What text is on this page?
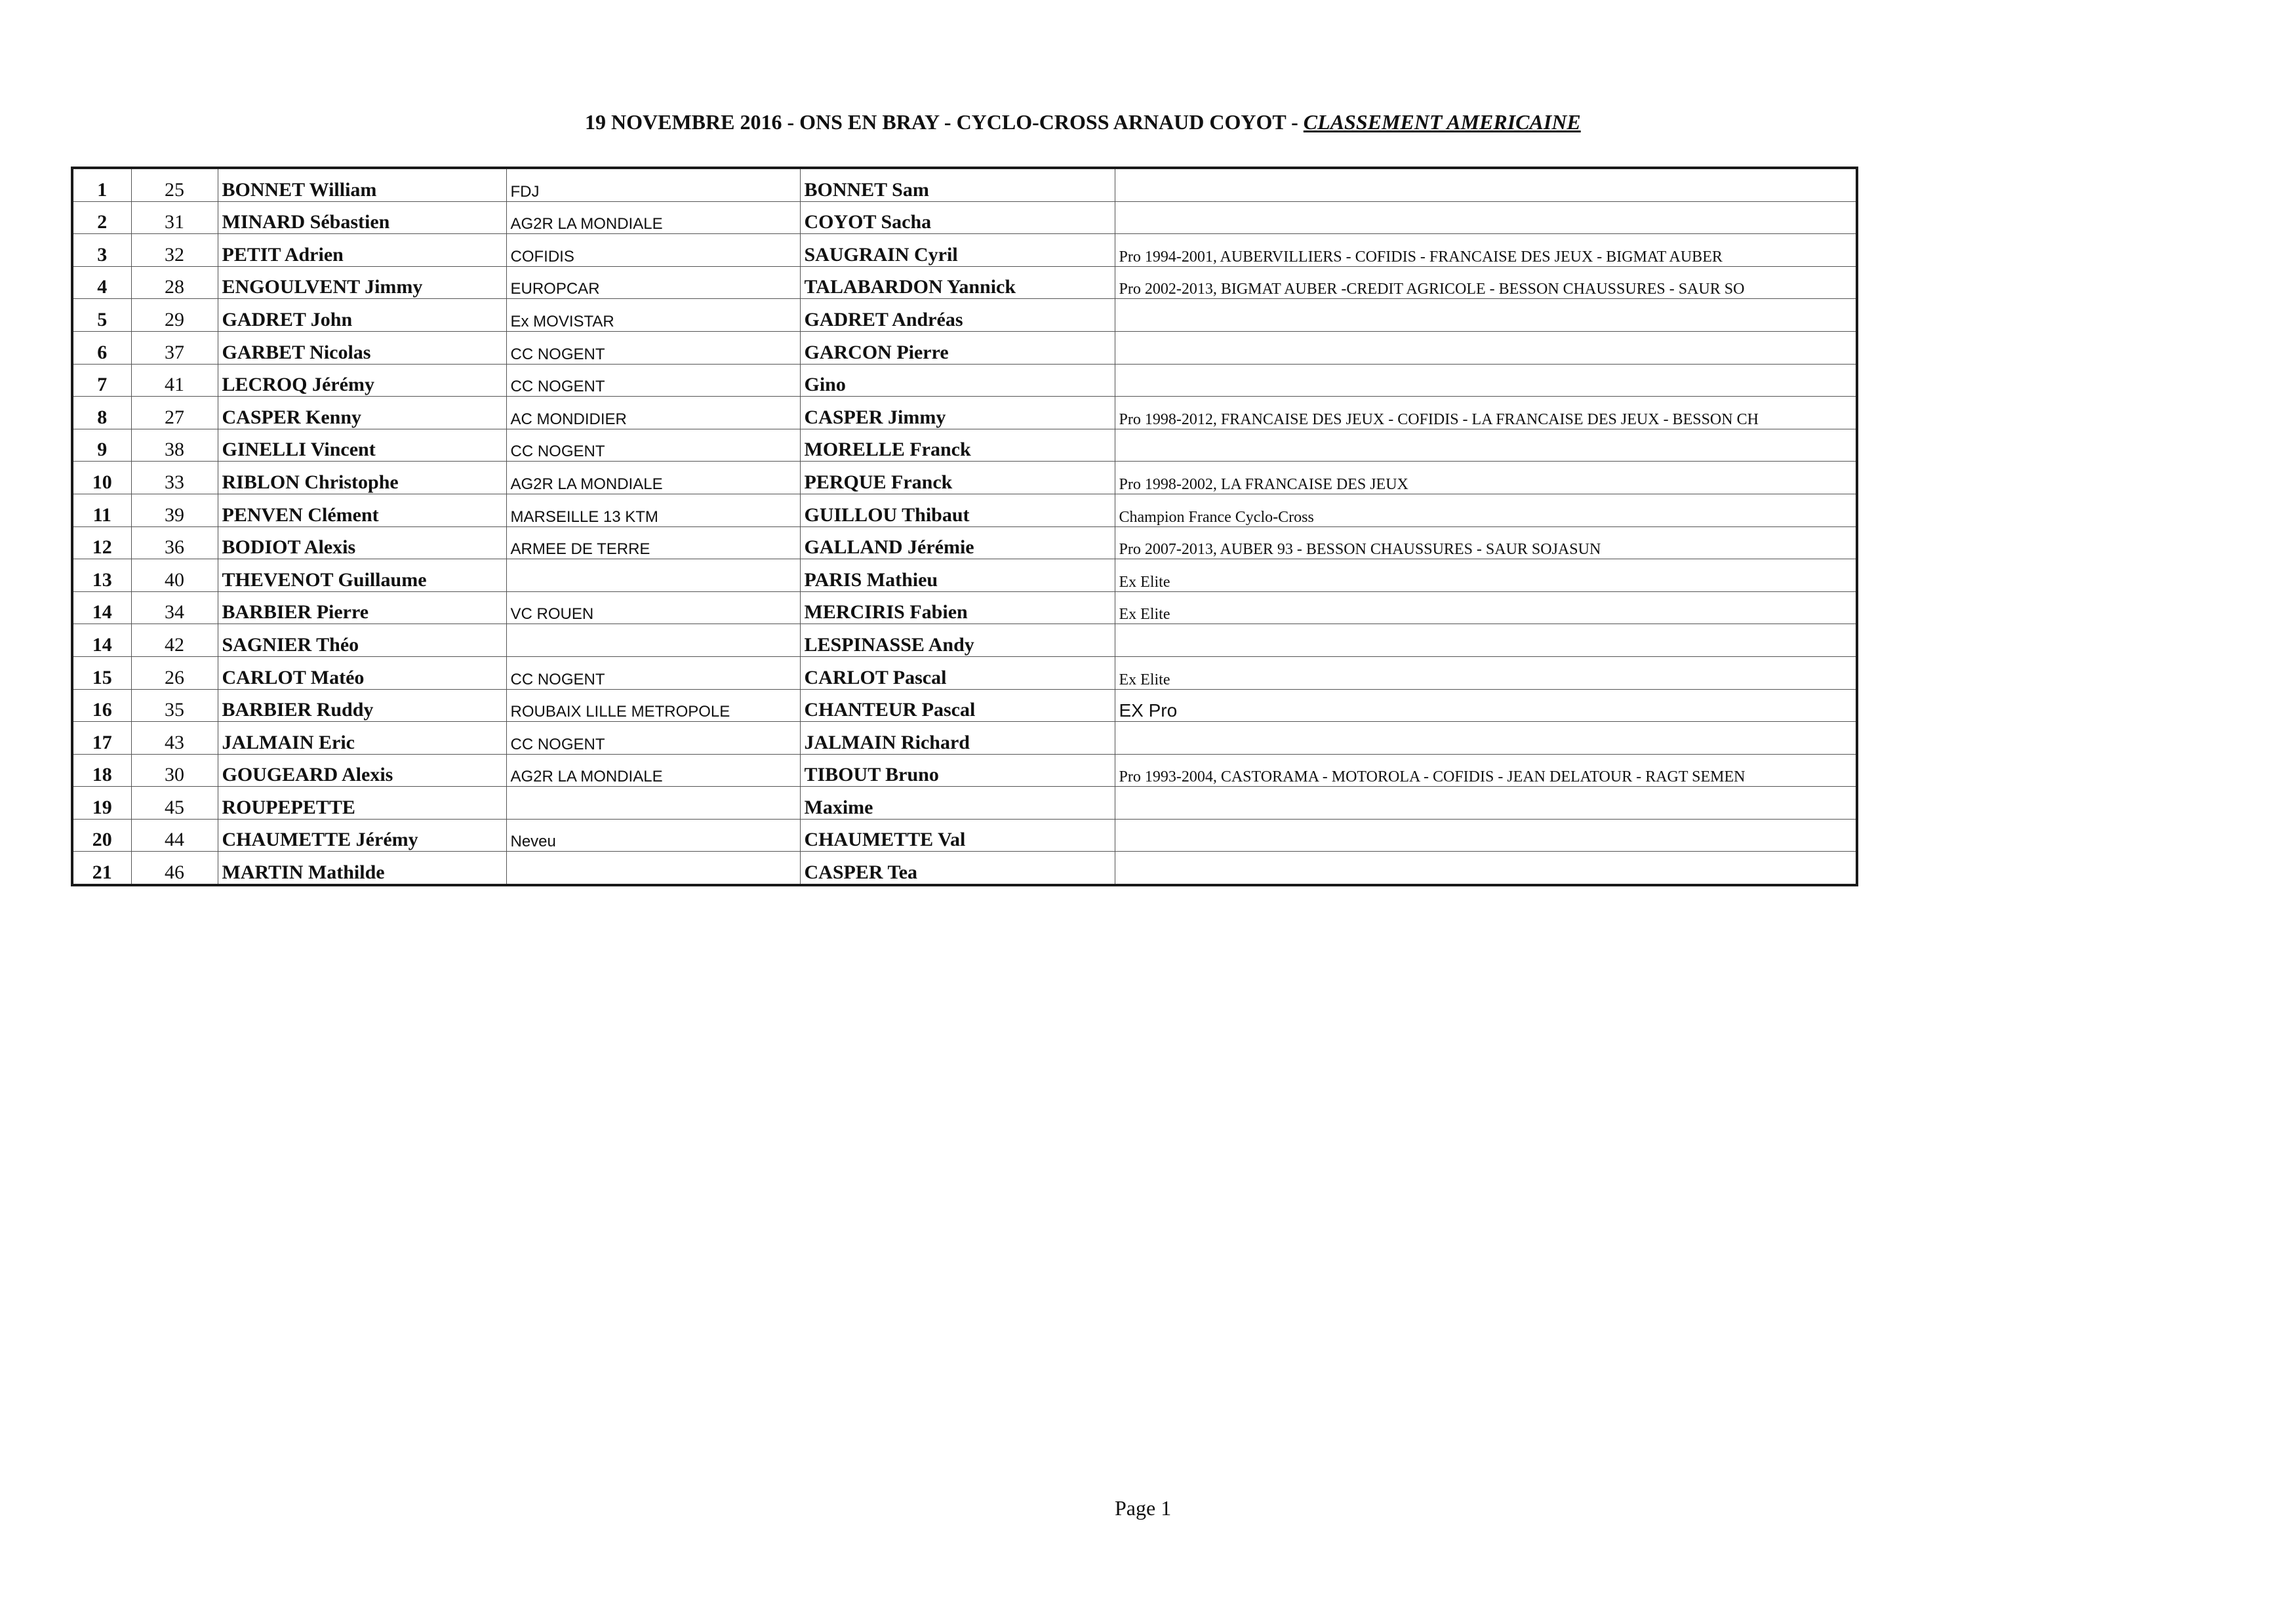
19 NOVEMBRE 2016 - ONS EN BRAY - CYCLO-CROSS ARNAUD COYOT - CLASSEMENT AMERICAINE
1	25	BONNET William	FDJ	BONNET Sam	
2	31	MINARD Sébastien	AG2R LA MONDIALE	COYOT Sacha	
3	32	PETIT Adrien	COFIDIS	SAUGRAIN Cyril	Pro 1994-2001, AUBERVILLIERS - COFIDIS - FRANCAISE DES JEUX - BIGMAT AUBER
4	28	ENGOULVENT Jimmy	EUROPCAR	TALABARDON Yannick	Pro 2002-2013, BIGMAT AUBER -CREDIT AGRICOLE - BESSON CHAUSSURES - SAUR SO
5	29	GADRET John	Ex MOVISTAR	GADRET Andréas	
6	37	GARBET Nicolas	CC NOGENT	GARCON Pierre	
7	41	LECROQ Jérémy	CC NOGENT	Gino	
8	27	CASPER Kenny	AC MONDIDIER	CASPER Jimmy	Pro 1998-2012, FRANCAISE DES JEUX - COFIDIS - LA FRANCAISE DES JEUX - BESSON CH
9	38	GINELLI Vincent	CC NOGENT	MORELLE Franck	
10	33	RIBLON Christophe	AG2R LA MONDIALE	PERQUE Franck	Pro 1998-2002, LA FRANCAISE DES JEUX
11	39	PENVEN Clément	MARSEILLE 13 KTM	GUILLOU Thibaut	Champion France Cyclo-Cross
12	36	BODIOT Alexis	ARMEE DE TERRE	GALLAND Jérémie	Pro 2007-2013, AUBER 93 - BESSON CHAUSSURES - SAUR SOJASUN
13	40	THEVENOT Guillaume		PARIS Mathieu	Ex Elite
14	34	BARBIER Pierre	VC ROUEN	MERCIRIS Fabien	Ex Elite
14	42	SAGNIER Théo		LESPINASSE Andy	
15	26	CARLOT Matéo	CC NOGENT	CARLOT Pascal	Ex Elite
16	35	BARBIER Ruddy	ROUBAIX LILLE METROPOLE	CHANTEUR Pascal	EX Pro
17	43	JALMAIN Eric	CC NOGENT	JALMAIN Richard	
18	30	GOUGEARD Alexis	AG2R LA MONDIALE	TIBOUT Bruno	Pro 1993-2004, CASTORAMA - MOTOROLA - COFIDIS - JEAN DELATOUR - RAGT SEMEN
19	45	ROUPEPETTE		Maxime	
20	44	CHAUMETTE Jérémy	Neveu	CHAUMETTE Val	
21	46	MARTIN Mathilde		CASPER Tea	
Page 1
